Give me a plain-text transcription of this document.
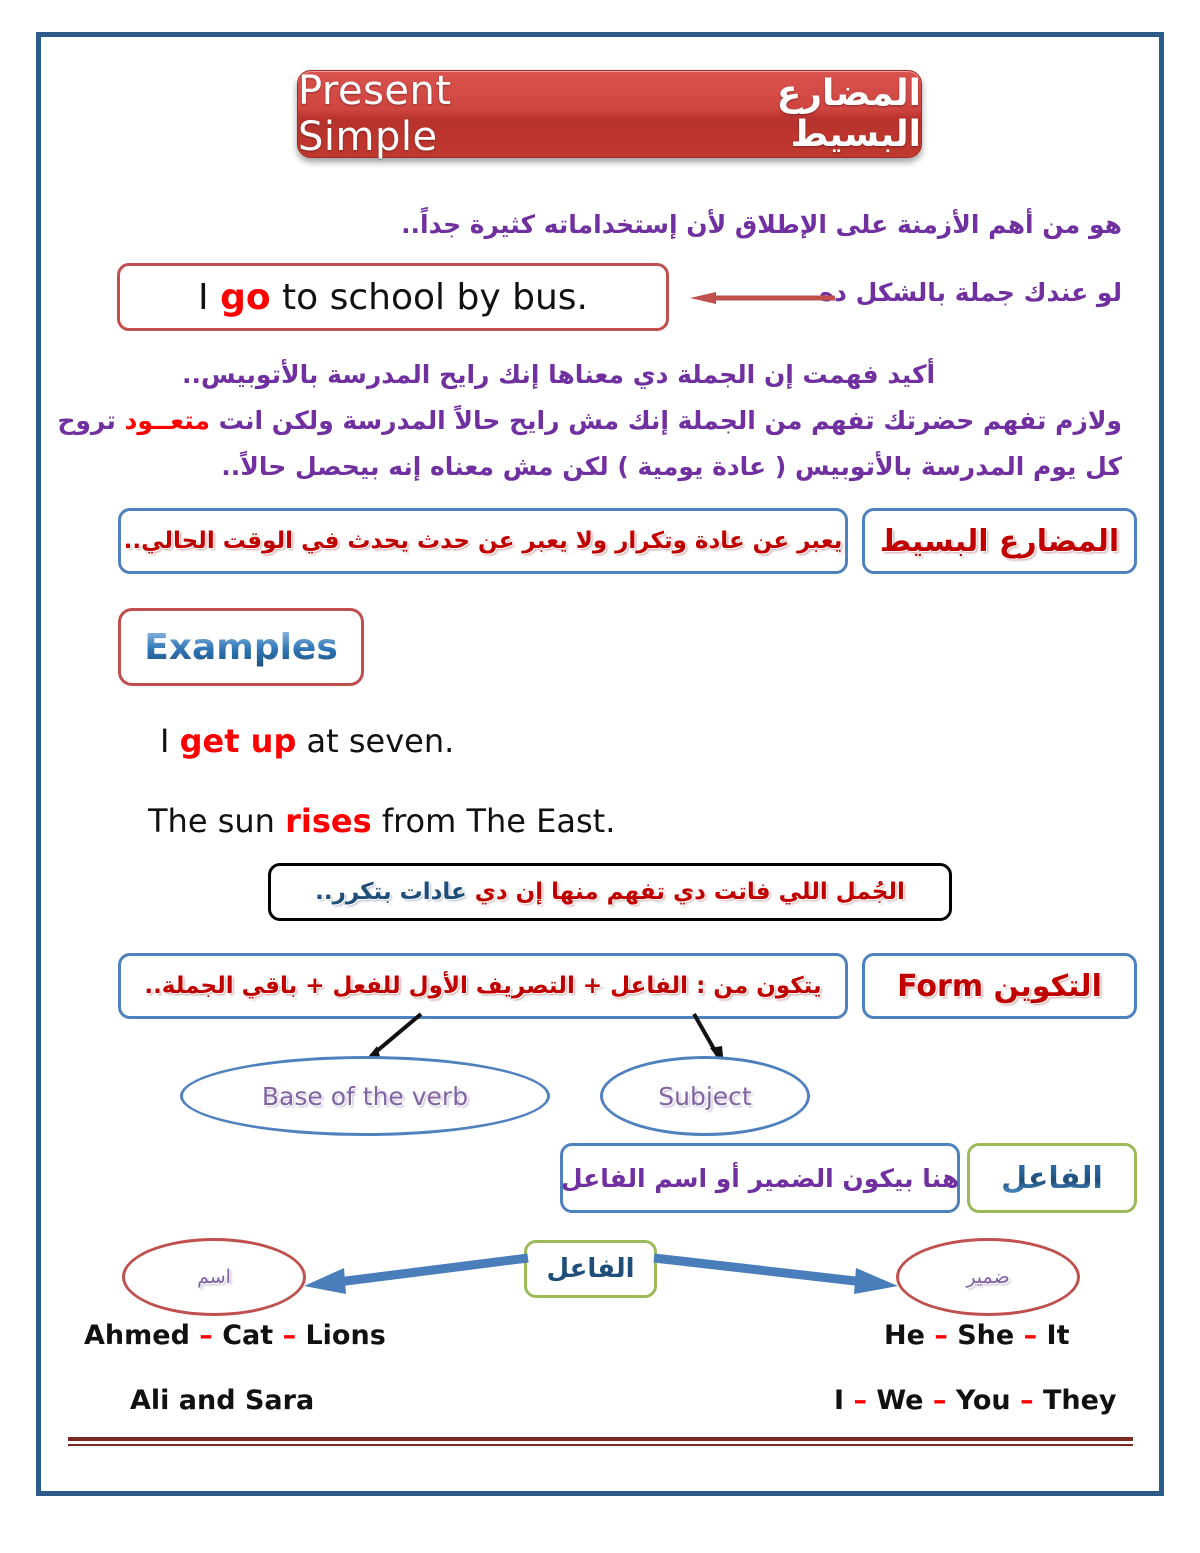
Present Simple
المضارع البسيط
هو من أهم الأزمنة على الإطلاق لأن إستخداماته كثيرة جداً..
لو عندك جملة بالشكل ده
I go to school by bus.
أكيد فهمت إن الجملة دي معناها إنك رايح المدرسة بالأتوبيس..
ولازم تفهم حضرتك تفهم من الجملة إنك مش رايح حالاً المدرسة ولكن انت متعــود تروح
كل يوم المدرسة بالأتوبيس ( عادة يومية ) لكن مش معناه إنه بيحصل حالاً..
المضارع البسيط
يعبر عن عادة وتكرار ولا يعبر عن حدث يحدث في الوقت الحالي..
Examples
I get up at seven.
The sun rises from The East.
الجُمل اللي فاتت دي تفهم منها إن دي عادات بتكرر..
التكوين Form
يتكون من : الفاعل + التصريف الأول للفعل + باقي الجملة..
Base of the verb	Subject
الفاعل
هنا بيكون الضمير أو اسم الفاعل
الفاعل
اسم	ضمير
Ahmed – Cat – Lions
Ali and Sara
He – She – It
I – We – You – They
